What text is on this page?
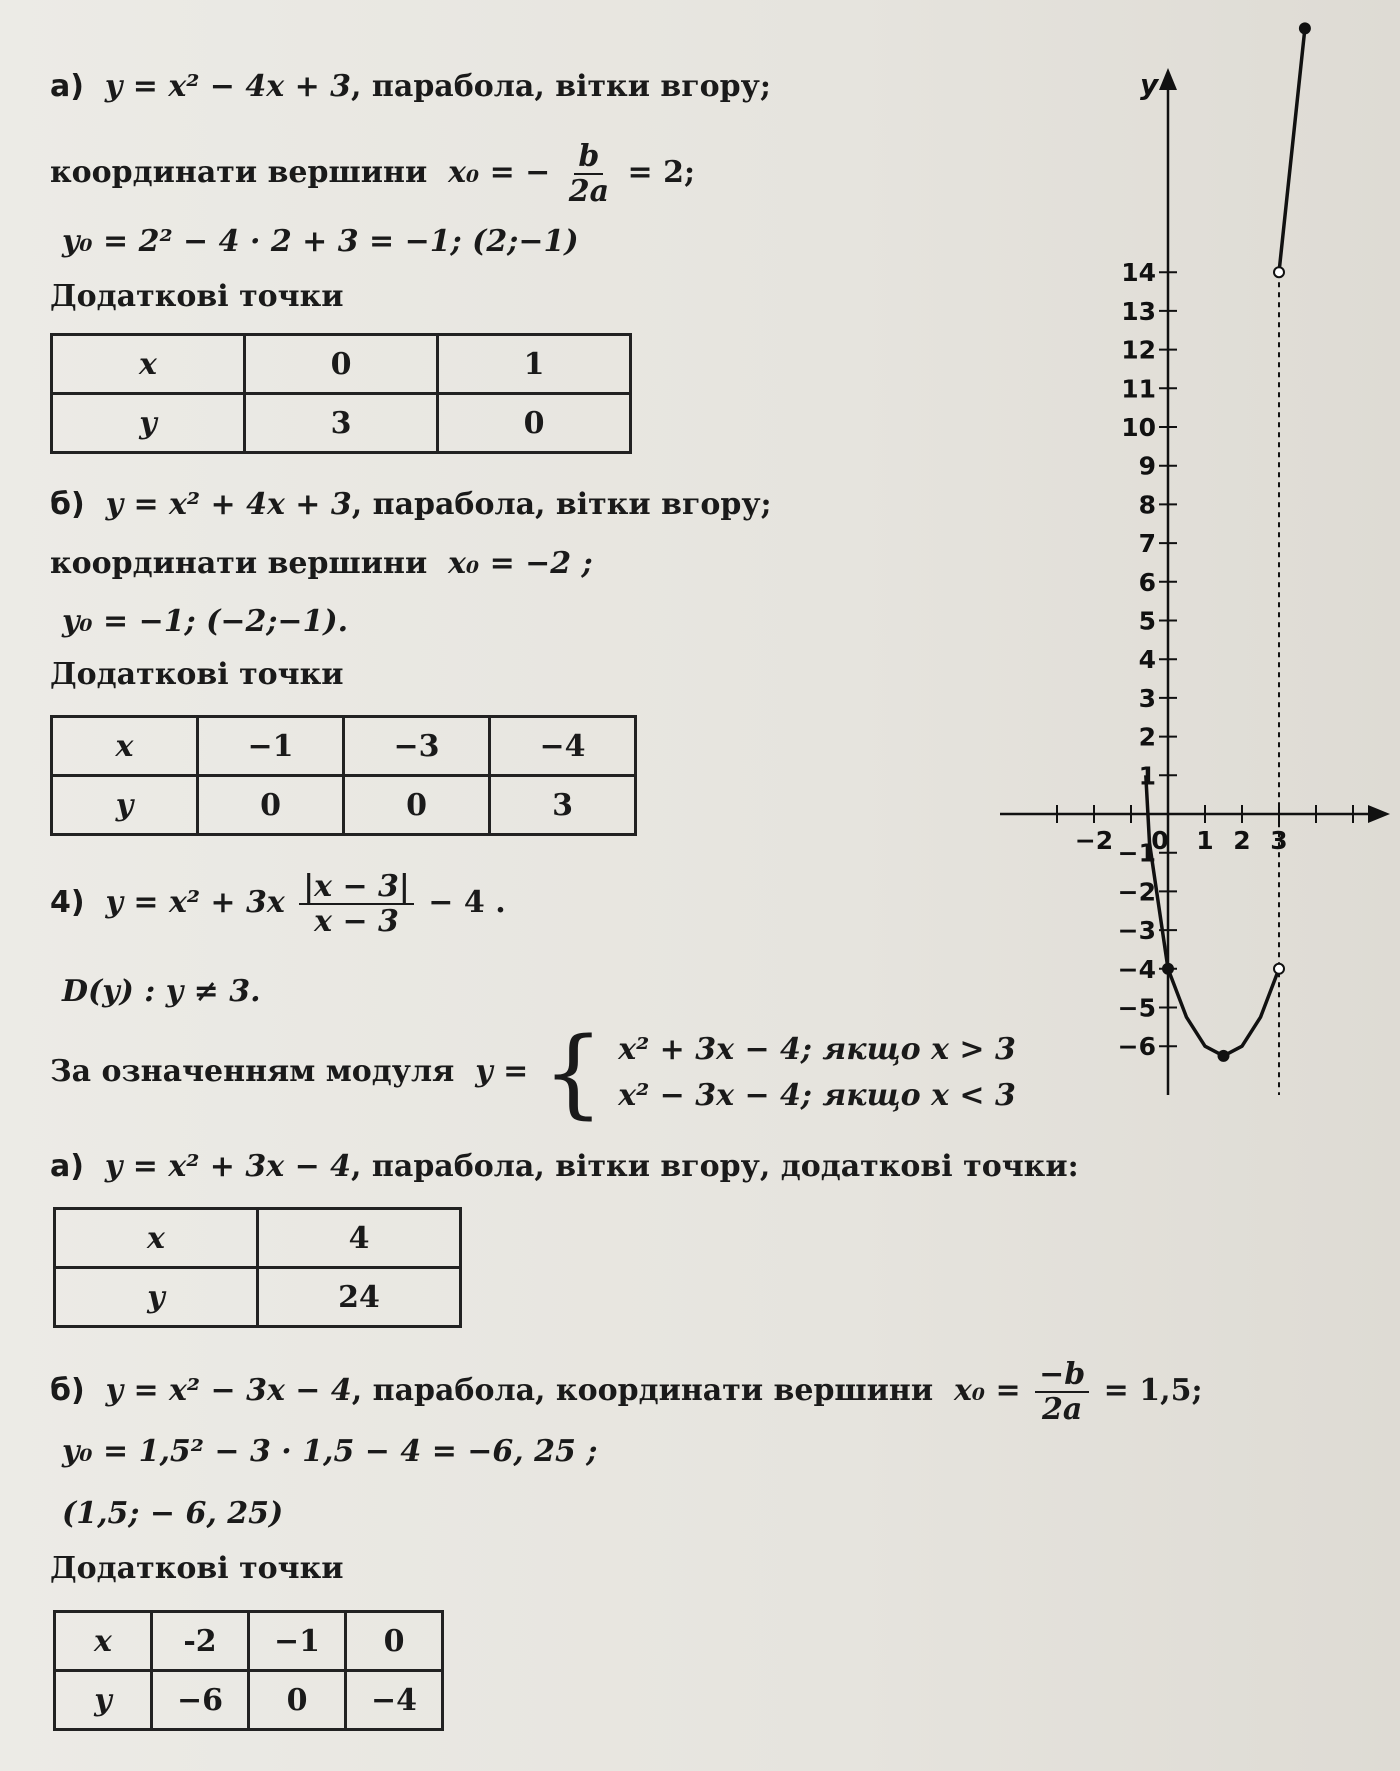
а) y = x² − 4x + 3, парабола, вітки вгору;
координати вершини x₀ = − $\frac{b}{2a} = 2$;
y₀ = 2² − 4 · 2 + 3 = −1; (2;−1)
Додаткові точки
x	0	1
y	3	0
б) y = x² + 4x + 3, парабола, вітки вгору;
координати вершини x₀ = −2 ;
y₀ = −1; (−2;−1).
Додаткові точки
x	−1	−3	−4
y	0	0	3
4) $y = x^2 + 3x \frac{|x - 3|}{x - 3} - 4$ .
D(y) : y ≠ 3.
За означенням модуля y = { x² + 3x − 4; якщо x > 3
x² − 3x − 4; якщо x < 3
а) y = x² + 3x − 4, парабола, вітки вгору, додаткові точки:
x	4
y	24
б) y = x² − 3x − 4, парабола, координати вершини $x_0 = \frac{-b}{2a} = 1,5$;
y₀ = 1,5² − 3 · 1,5 − 4 = −6, 25 ;
(1,5; − 6, 25)
Додаткові точки
x	-2	−1	0
y	−6	0	−4
y
14
13
12
11
10
9
8
7
6
5
4
3
2
1
−1
−2
−3
−4
−5
−6
−2 0 1 2 3
